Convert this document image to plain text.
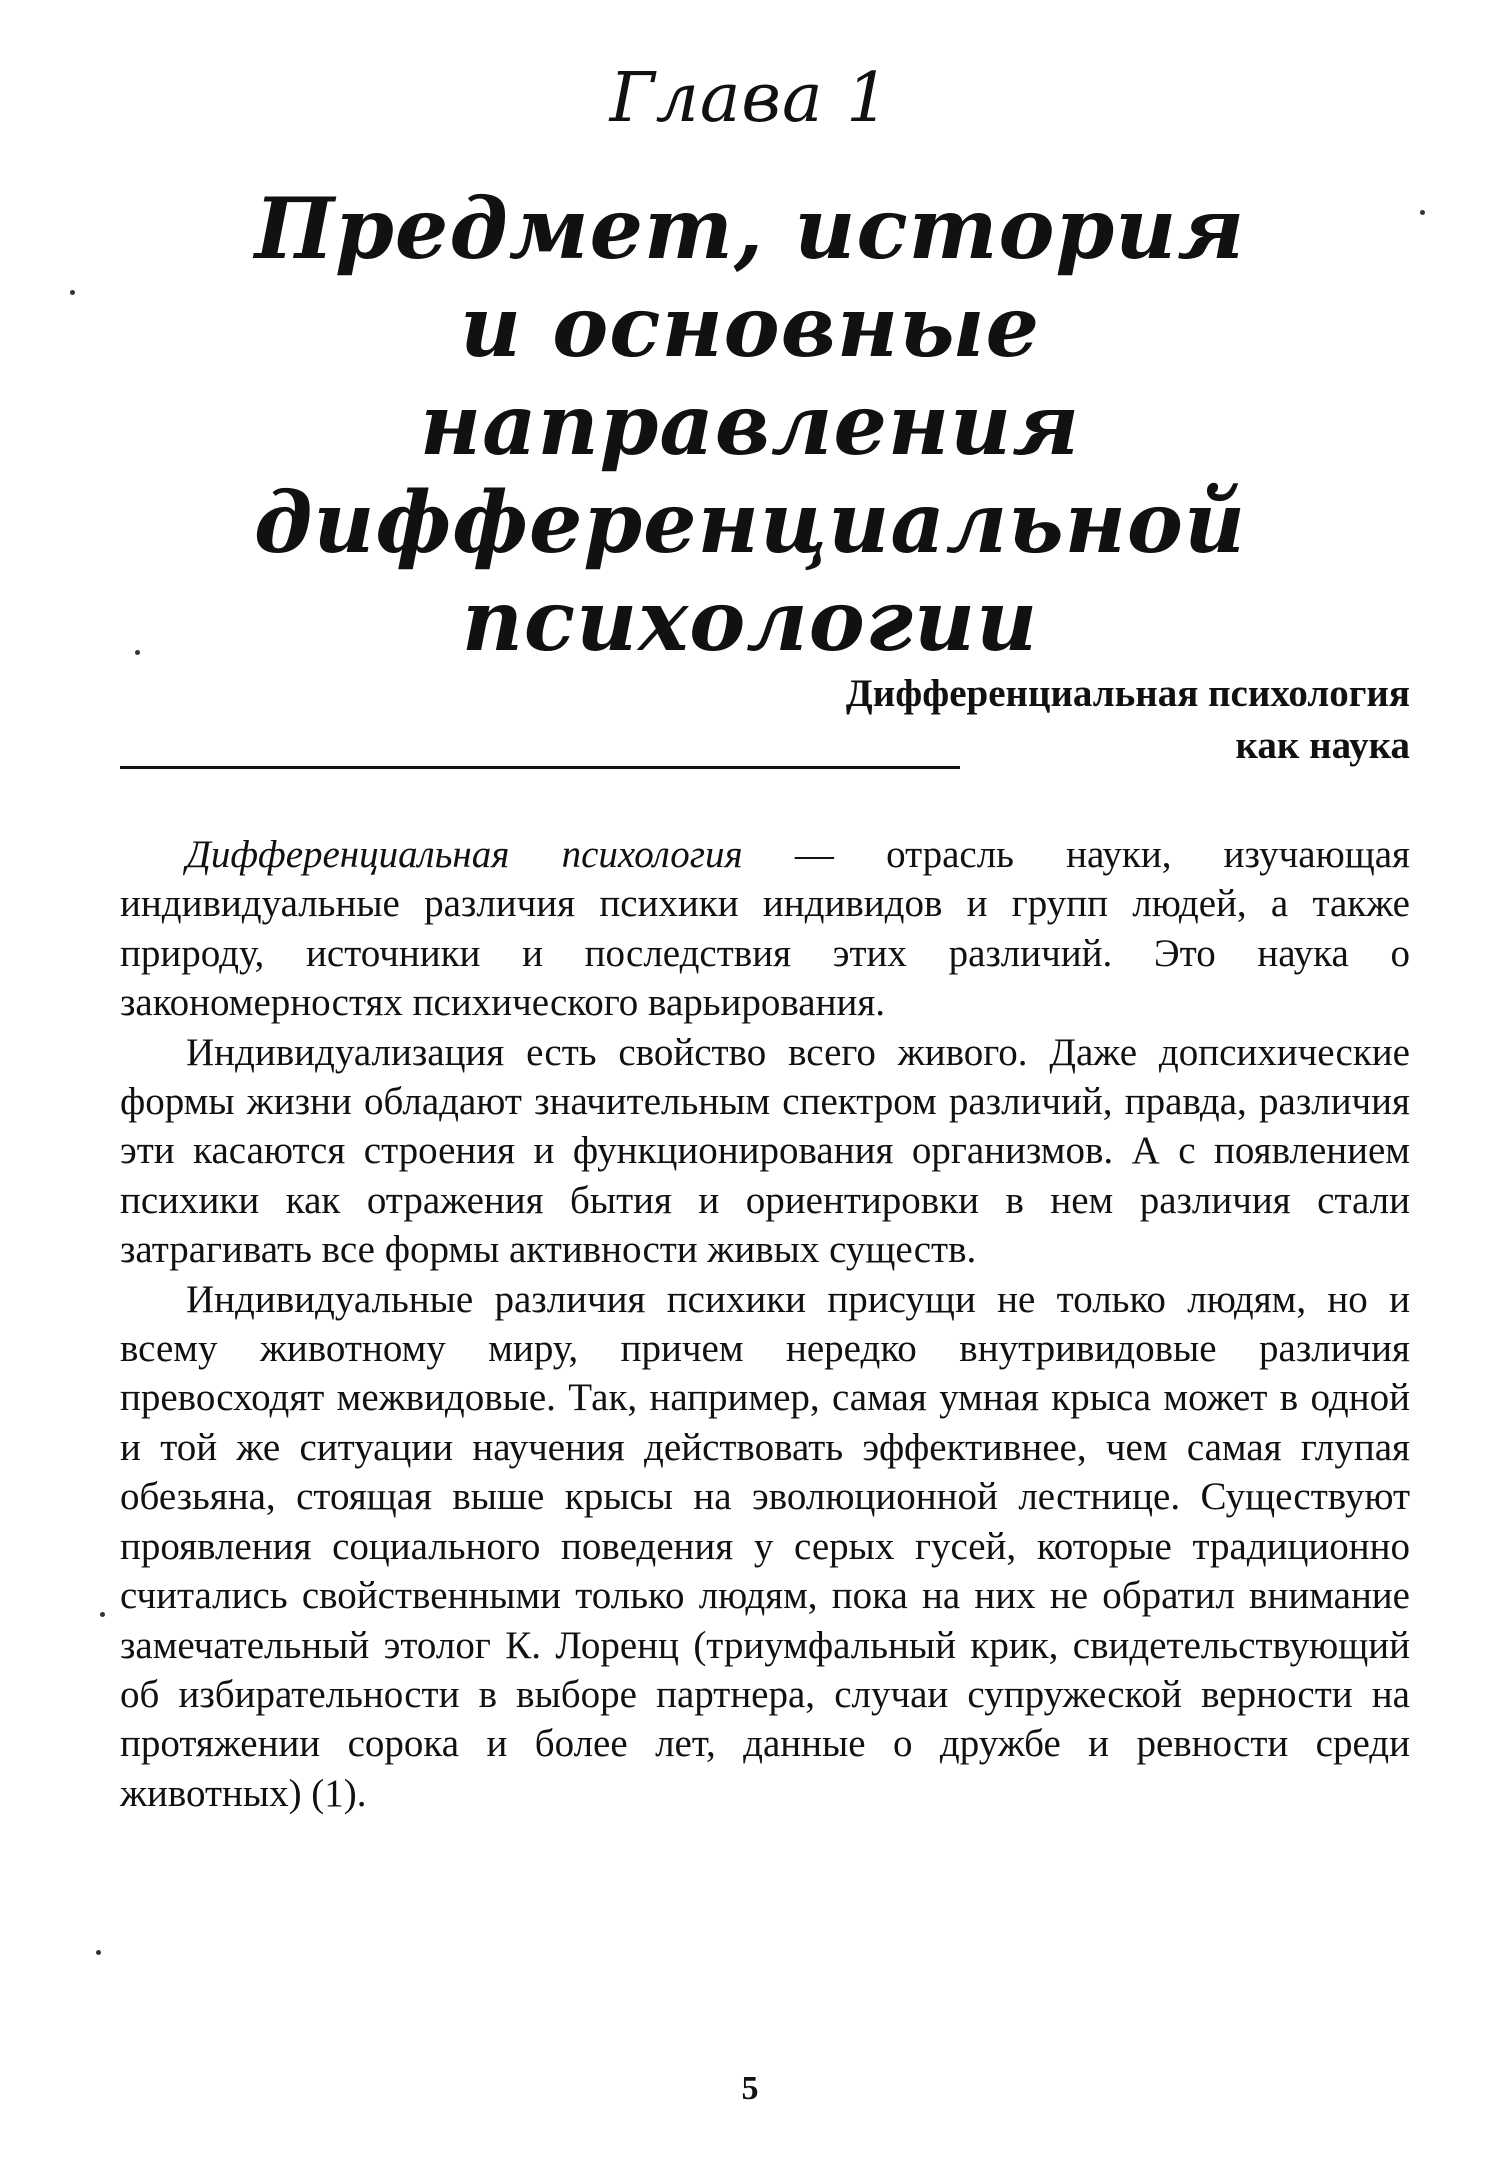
Глава 1
Предмет, история
и основные направления
дифференциальной
психологии
Дифференциальная психология
как наука

Дифференциальная психология — отрасль науки, изучающая индивидуальные различия психики индивидов и групп людей, а также природу, источники и последствия этих различий. Это наука о закономерностях психического варьирования.

Индивидуализация есть свойство всего живого. Даже допсихические формы жизни обладают значительным спектром различий, правда, различия эти касаются строения и функционирования организмов. А с появлением психики как отражения бытия и ориентировки в нем различия стали затрагивать все формы активности живых существ.

Индивидуальные различия психики присущи не только людям, но и всему животному миру, причем нередко внутривидовые различия превосходят межвидовые. Так, например, самая умная крыса может в одной и той же ситуации научения действовать эффективнее, чем самая глупая обезьяна, стоящая выше крысы на эволюционной лестнице. Существуют проявления социального поведения у серых гусей, которые традиционно считались свойственными только людям, пока на них не обратил внимание замечательный этолог К. Лоренц (триумфальный крик, свидетельствующий об избирательности в выборе партнера, случаи супружеской верности на протяжении сорока и более лет, данные о дружбе и ревности среди животных) (1).

5
